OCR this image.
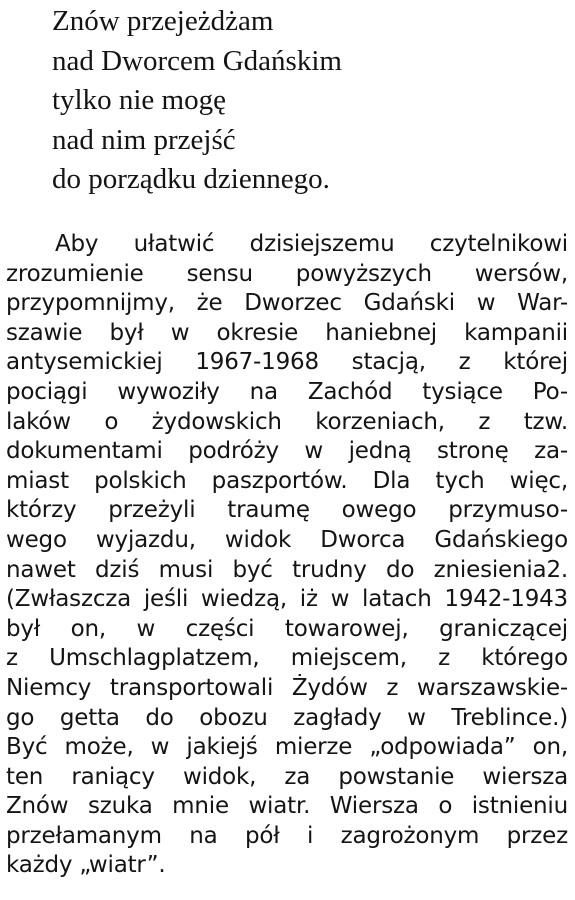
Znów przejeżdżam
nad Dworcem Gdańskim
tylko nie mogę
nad nim przejść
do porządku dziennego.
Aby ułatwić dzisiejszemu czytelnikowi
zrozumienie sensu powyższych wersów,
przypomnijmy, że Dworzec Gdański w War-
szawie był w okresie haniebnej kampanii
antysemickiej 1967-1968 stacją, z której
pociągi wywoziły na Zachód tysiące Po-
laków o żydowskich korzeniach, z tzw.
dokumentami podróży w jedną stronę za-
miast polskich paszportów. Dla tych więc,
którzy przeżyli traumę owego przymuso-
wego wyjazdu, widok Dworca Gdańskiego
nawet dziś musi być trudny do zniesienia2.
(Zwłaszcza jeśli wiedzą, iż w latach 1942-1943
był on, w części towarowej, graniczącej
z Umschlagplatzem, miejscem, z którego
Niemcy transportowali Żydów z warszawskie-
go getta do obozu zagłady w Treblince.)
Być może, w jakiejś mierze „odpowiada” on,
ten raniący widok, za powstanie wiersza
Znów szuka mnie wiatr. Wiersza o istnieniu
przełamanym na pół i zagrożonym przez
każdy „wiatr”.
